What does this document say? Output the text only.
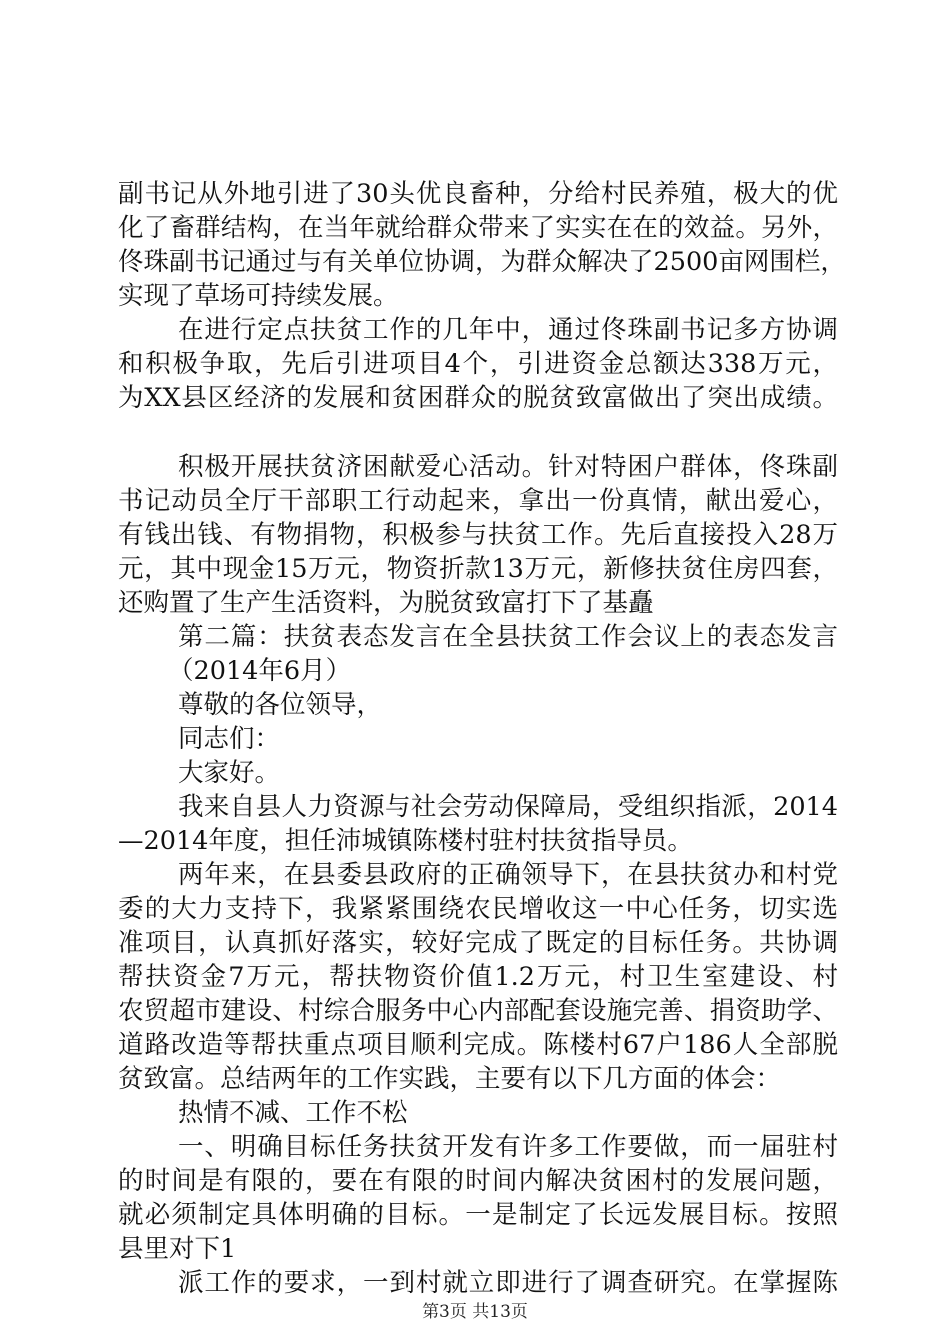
副书记从外地引进了30头优良畜种，分给村民养殖，极大的优
化了畜群结构，在当年就给群众带来了实实在在的效益。另外，
佟珠副书记通过与有关单位协调，为群众解决了2500亩网围栏，
实现了草场可持续发展。
在进行定点扶贫工作的几年中，通过佟珠副书记多方协调
和积极争取，先后引进项目4个，引进资金总额达338万元，
为XX县区经济的发展和贫困群众的脱贫致富做出了突出成绩。
积极开展扶贫济困献爱心活动。针对特困户群体，佟珠副
书记动员全厅干部职工行动起来，拿出一份真情，献出爱心，
有钱出钱、有物捐物，积极参与扶贫工作。先后直接投入28万
元，其中现金15万元，物资折款13万元，新修扶贫住房四套，
还购置了生产生活资料，为脱贫致富打下了基矗
第二篇：扶贫表态发言在全县扶贫工作会议上的表态发言
（2014年6月）
尊敬的各位领导，
同志们：
大家好。
我来自县人力资源与社会劳动保障局，受组织指派，2014
—2014年度，担任沛城镇陈楼村驻村扶贫指导员。
两年来，在县委县政府的正确领导下，在县扶贫办和村党
委的大力支持下，我紧紧围绕农民增收这一中心任务，切实选
准项目，认真抓好落实，较好完成了既定的目标任务。共协调
帮扶资金7万元，帮扶物资价值1.2万元，村卫生室建设、村
农贸超市建设、村综合服务中心内部配套设施完善、捐资助学、
道路改造等帮扶重点项目顺利完成。陈楼村67户186人全部脱
贫致富。总结两年的工作实践，主要有以下几方面的体会：
热情不减、工作不松
一、明确目标任务扶贫开发有许多工作要做，而一届驻村
的时间是有限的，要在有限的时间内解决贫困村的发展问题，
就必须制定具体明确的目标。一是制定了长远发展目标。按照
县里对下1
派工作的要求，一到村就立即进行了调查研究。在掌握陈
第3页 共13页
